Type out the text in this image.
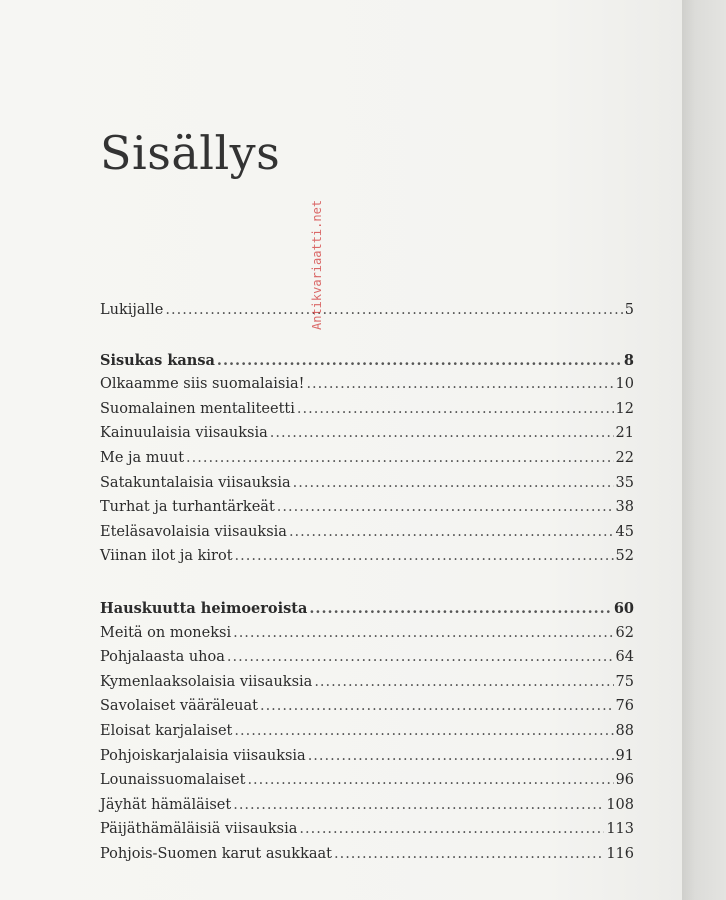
Sisällys
Lukijalle .....	5
Sisukas kansa .....	8
Olkaamme siis suomalaisia! .....	10
Suomalainen mentaliteetti .....	12
Kainuulaisia viisauksia .....	21
Me ja muut .....	22
Satakuntalaisia viisauksia .....	35
Turhat ja turhantärkeät .....	38
Eteläsavolaisia viisauksia .....	45
Viinan ilot ja kirot .....	52
Hauskuutta heimoeroista .....	60
Meitä on moneksi .....	62
Pohjalaasta uhoa .....	64
Kymenlaaksolaisia viisauksia .....	75
Savolaiset vääräleuat .....	76
Eloisat karjalaiset .....	88
Pohjoiskarjalaisia viisauksia .....	91
Lounaissuomalaiset .....	96
Jäyhät hämäläiset .....	108
Päijäthämäläisiä viisauksia .....	113
Pohjois-Suomen karut asukkaat .....	116
Antikvariaatti.net
